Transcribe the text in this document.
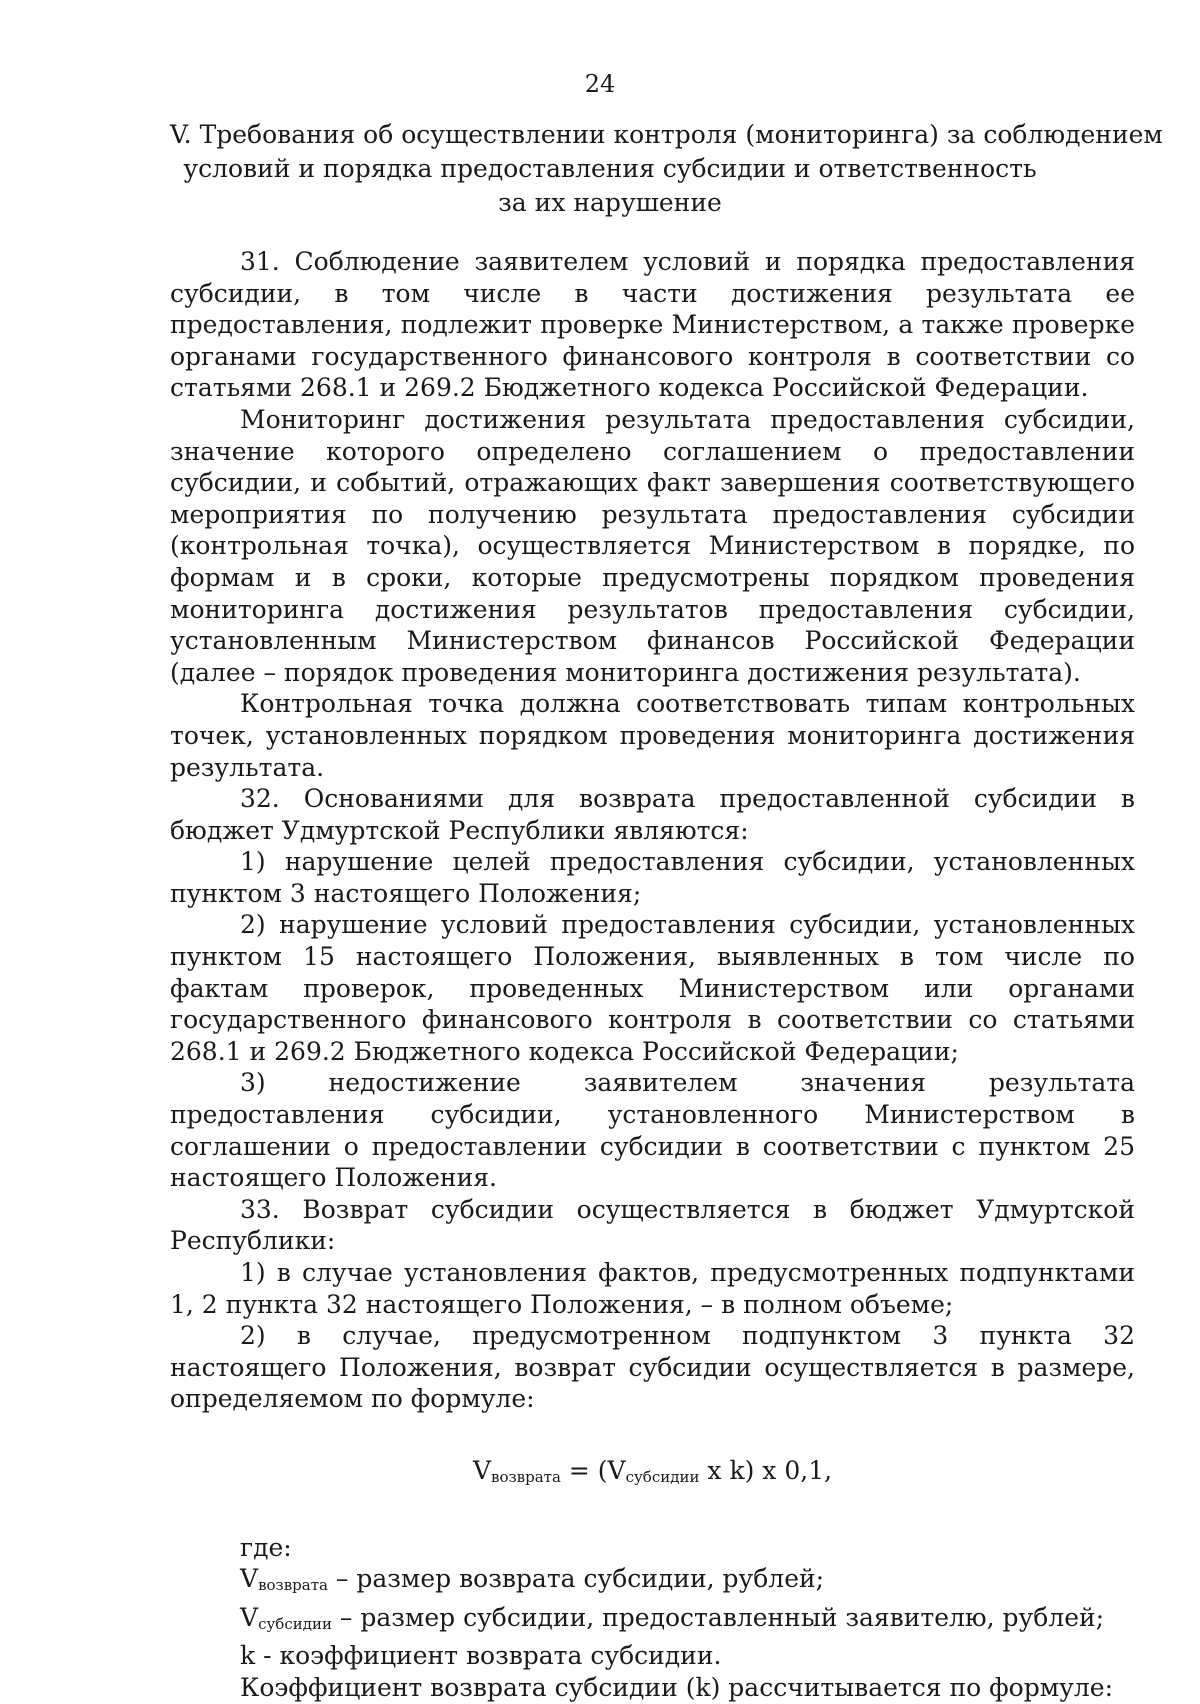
24
V. Требования об осуществлении контроля (мониторинга) за соблюдением
условий и порядка предоставления субсидии и ответственность
за их нарушение

31. Соблюдение заявителем условий и порядка предоставления субсидии, в том числе в части достижения результата ее предоставления, подлежит проверке Министерством, а также проверке органами государственного финансового контроля в соответствии со статьями 268.1 и 269.2 Бюджетного кодекса Российской Федерации.

Мониторинг достижения результата предоставления субсидии, значение которого определено соглашением о предоставлении субсидии, и событий, отражающих факт завершения соответствующего мероприятия по получению результата предоставления субсидии (контрольная точка), осуществляется Министерством в порядке, по формам и в сроки, которые предусмотрены порядком проведения мониторинга достижения результатов предоставления субсидии, установленным Министерством финансов Российской Федерации (далее – порядок проведения мониторинга достижения результата).

Контрольная точка должна соответствовать типам контрольных точек, установленных порядком проведения мониторинга достижения результата.

32. Основаниями для возврата предоставленной субсидии в бюджет Удмуртской Республики являются:

1) нарушение целей предоставления субсидии, установленных пунктом 3 настоящего Положения;

2) нарушение условий предоставления субсидии, установленных пунктом 15 настоящего Положения, выявленных в том числе по фактам проверок, проведенных Министерством или органами государственного финансового контроля в соответствии со статьями 268.1 и 269.2 Бюджетного кодекса Российской Федерации;

3) недостижение заявителем значения результата предоставления субсидии, установленного Министерством в соглашении о предоставлении субсидии в соответствии с пунктом 25 настоящего Положения.

33. Возврат субсидии осуществляется в бюджет Удмуртской Республики:

1) в случае установления фактов, предусмотренных подпунктами 1, 2 пункта 32 настоящего Положения, – в полном объеме;

2) в случае, предусмотренном подпунктом 3 пункта 32 настоящего Положения, возврат субсидии осуществляется в размере, определяемом по формуле:

$V_{возврата} = (V_{субсидии}$ x k) x 0,1,

где:

$V_{возврата}$ – размер возврата субсидии, рублей;

$V_{субсидии}$ – размер субсидии, предоставленный заявителю, рублей;

k - коэффициент возврата субсидии.

Коэффициент возврата субсидии (k) рассчитывается по формуле:
